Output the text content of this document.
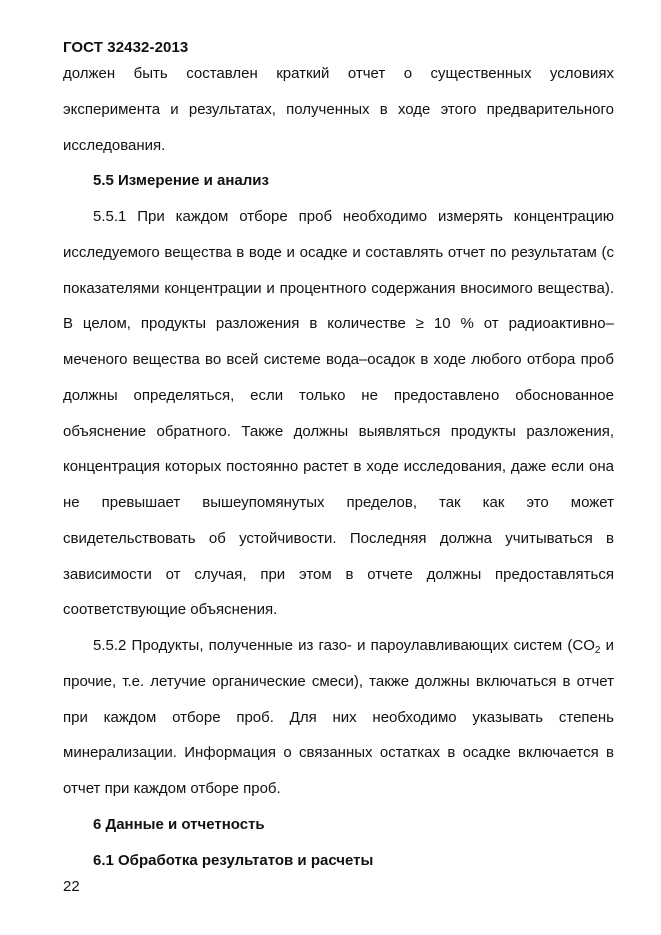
ГОСТ 32432-2013

должен быть составлен краткий отчет о существенных условиях эксперимента и результатах, полученных в ходе этого предварительного исследования.

5.5 Измерение и анализ

5.5.1 При каждом отборе проб необходимо измерять концентрацию исследуемого вещества в воде и осадке и составлять отчет по результатам (с показателями концентрации и процентного содержания вносимого вещества). В целом, продукты разложения в количестве ≥ 10 % от радиоактивно–меченого вещества во всей системе вода–осадок в ходе любого отбора проб должны определяться, если только не предоставлено обоснованное объяснение обратного. Также должны выявляться продукты разложения, концентрация которых постоянно растет в ходе исследования, даже если она не превышает вышеупомянутых пределов, так как это может свидетельствовать об устойчивости. Последняя должна учитываться в зависимости от случая, при этом в отчете должны предоставляться соответствующие объяснения.

5.5.2 Продукты, полученные из газо- и пароулавливающих систем ($CO_2$ и прочие, т.е. летучие органические смеси), также должны включаться в отчет при каждом отборе проб. Для них необходимо указывать степень минерализации. Информация о связанных остатках в осадке включается в отчет при каждом отборе проб.

6 Данные и отчетность

6.1 Обработка результатов и расчеты

22
